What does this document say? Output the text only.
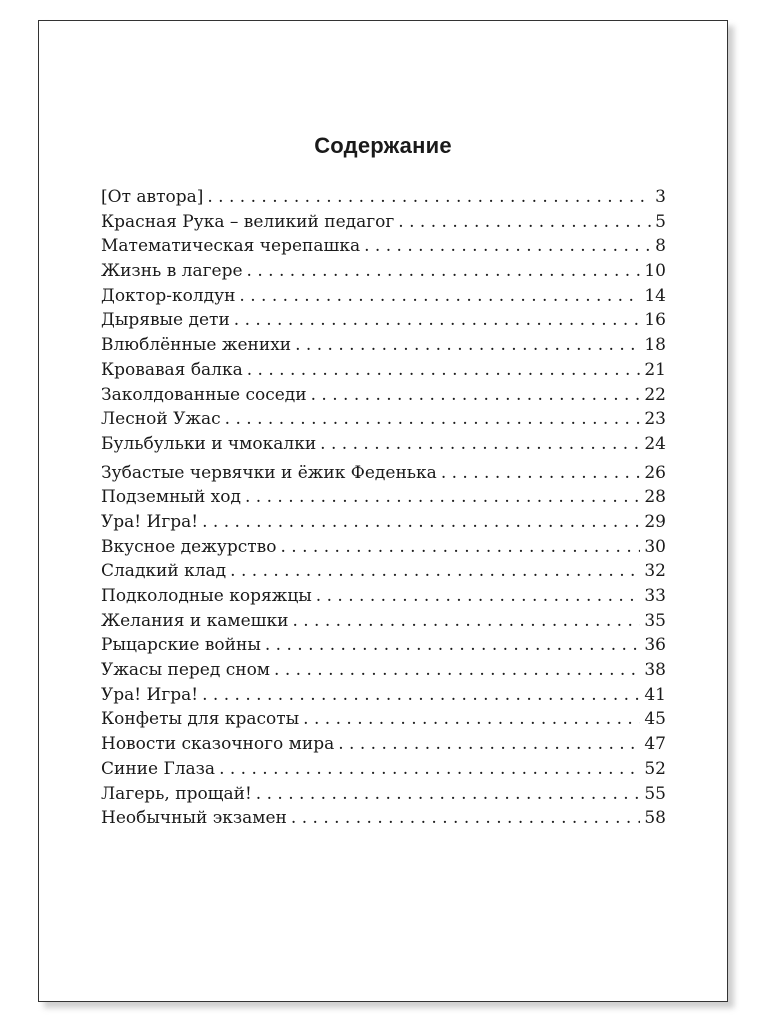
Содержание
[От автора] . . .	3
Красная Рука – великий педагог . . .	5
Математическая черепашка . . .	8
Жизнь в лагере . . .	10
Доктор-колдун . . .	14
Дырявые дети . . .	16
Влюблённые женихи . . .	18
Кровавая балка . . .	21
Заколдованные соседи . . .	22
Лесной Ужас . . .	23
Бульбульки и чмокалки . . .	24
Зубастые червячки и ёжик Феденька . . .	26
Подземный ход . . .	28
Ура! Игра! . . .	29
Вкусное дежурство . . .	30
Сладкий клад . . .	32
Подколодные коряжцы . . .	33
Желания и камешки . . .	35
Рыцарские войны . . .	36
Ужасы перед сном . . .	38
Ура! Игра! . . .	41
Конфеты для красоты . . .	45
Новости сказочного мира . . .	47
Синие Глаза . . .	52
Лагерь, прощай! . . .	55
Необычный экзамен . . .	58
